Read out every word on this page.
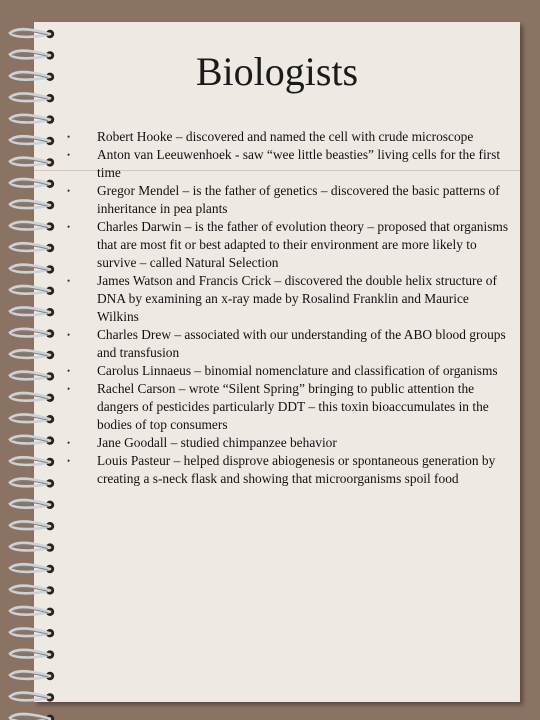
Biologists
• Robert Hooke – discovered and named the cell with crude microscope
• Anton van Leeuwenhoek - saw “wee little beasties” living cells for the first time
• Gregor Mendel – is the father of genetics – discovered the basic patterns of inheritance in pea plants
• Charles Darwin – is the father of evolution theory – proposed that organisms that are most fit or best adapted to their environment are more likely to survive – called Natural Selection
• James Watson and Francis Crick – discovered the double helix structure of DNA by examining an x-ray made by Rosalind Franklin and Maurice Wilkins
• Charles Drew – associated with our understanding of the ABO blood groups and transfusion
• Carolus Linnaeus – binomial nomenclature and classification of organisms
• Rachel Carson – wrote “Silent Spring” bringing to public attention the dangers of pesticides particularly DDT – this toxin bioaccumulates in the bodies of top consumers
• Jane Goodall – studied chimpanzee behavior
• Louis Pasteur – helped disprove abiogenesis or spontaneous generation by creating a s-neck flask and showing that microorganisms spoil food
